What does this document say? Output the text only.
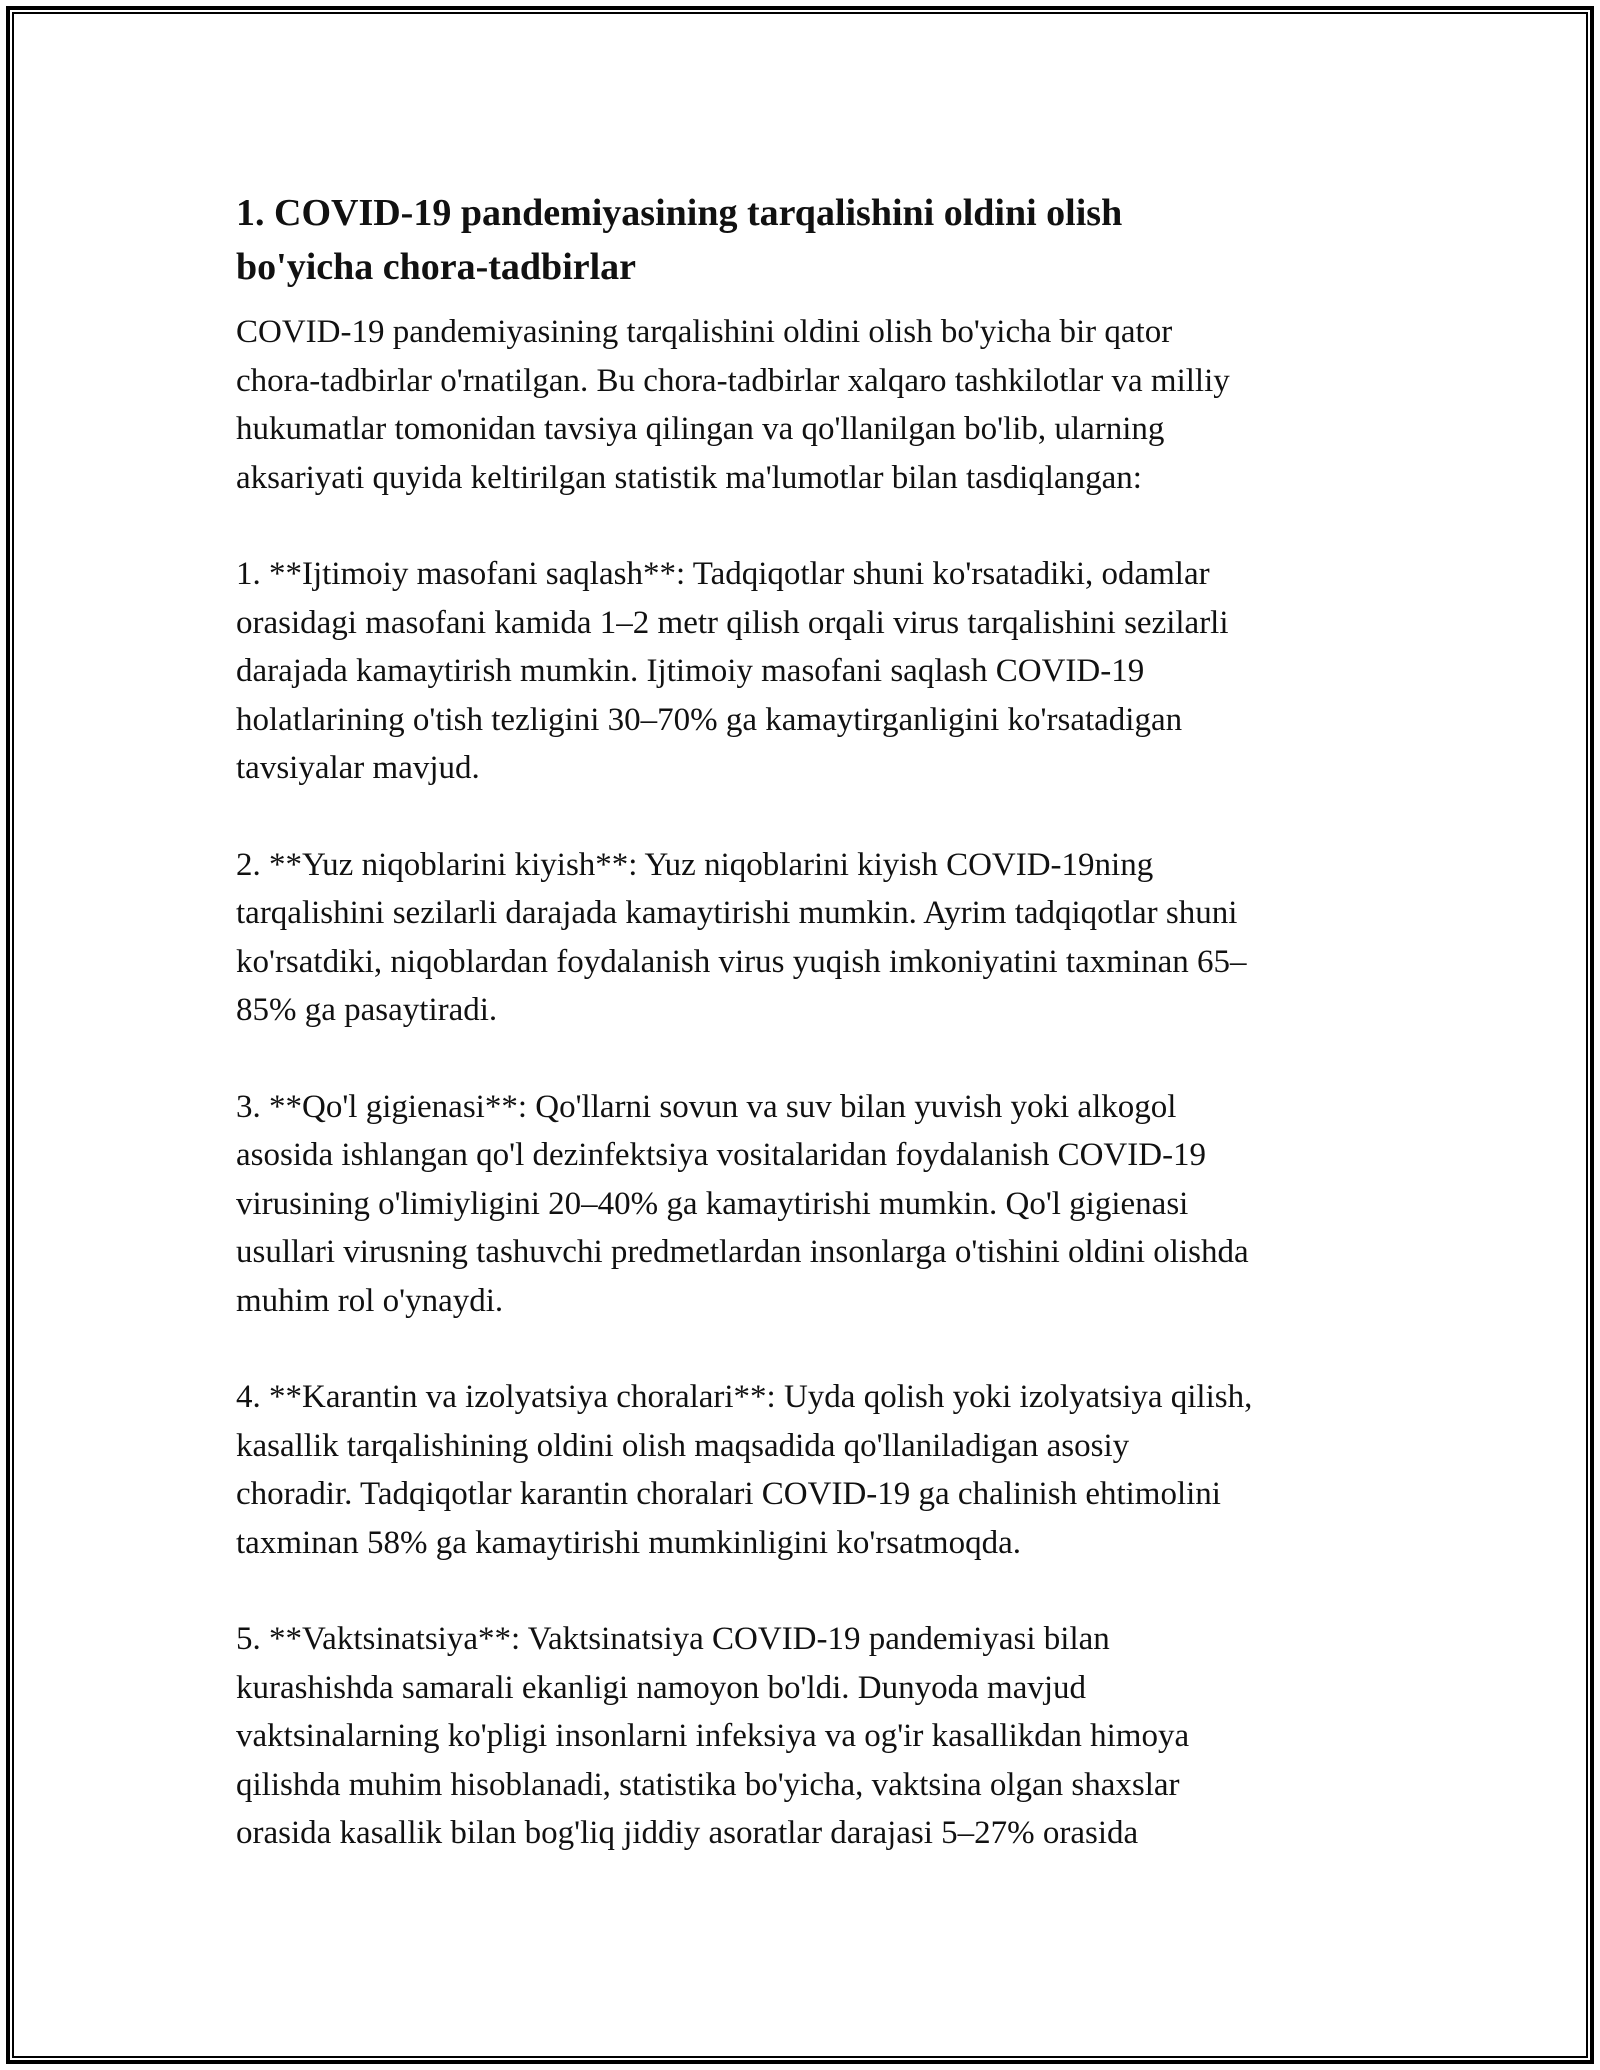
1. COVID-19 pandemiyasining tarqalishini oldini olish
bo'yicha chora-tadbirlar

COVID-19 pandemiyasining tarqalishini oldini olish bo'yicha bir qator
chora-tadbirlar o'rnatilgan. Bu chora-tadbirlar xalqaro tashkilotlar va milliy
hukumatlar tomonidan tavsiya qilingan va qo'llanilgan bo'lib, ularning
aksariyati quyida keltirilgan statistik ma'lumotlar bilan tasdiqlangan:

1. **Ijtimoiy masofani saqlash**: Tadqiqotlar shuni ko'rsatadiki, odamlar
orasidagi masofani kamida 1–2 metr qilish orqali virus tarqalishini sezilarli
darajada kamaytirish mumkin. Ijtimoiy masofani saqlash COVID-19
holatlarining o'tish tezligini 30–70% ga kamaytirganligini ko'rsatadigan
tavsiyalar mavjud.

2. **Yuz niqoblarini kiyish**: Yuz niqoblarini kiyish COVID-19ning
tarqalishini sezilarli darajada kamaytirishi mumkin. Ayrim tadqiqotlar shuni
ko'rsatdiki, niqoblardan foydalanish virus yuqish imkoniyatini taxminan 65–
85% ga pasaytiradi.

3. **Qo'l gigienasi**: Qo'llarni sovun va suv bilan yuvish yoki alkogol
asosida ishlangan qo'l dezinfektsiya vositalaridan foydalanish COVID-19
virusining o'limiyligini 20–40% ga kamaytirishi mumkin. Qo'l gigienasi
usullari virusning tashuvchi predmetlardan insonlarga o'tishini oldini olishda
muhim rol o'ynaydi.

4. **Karantin va izolyatsiya choralari**: Uyda qolish yoki izolyatsiya qilish,
kasallik tarqalishining oldini olish maqsadida qo'llaniladigan asosiy
choradir. Tadqiqotlar karantin choralari COVID-19 ga chalinish ehtimolini
taxminan 58% ga kamaytirishi mumkinligini ko'rsatmoqda.

5. **Vaktsinatsiya**: Vaktsinatsiya COVID-19 pandemiyasi bilan
kurashishda samarali ekanligi namoyon bo'ldi. Dunyoda mavjud
vaktsinalarning ko'pligi insonlarni infeksiya va og'ir kasallikdan himoya
qilishda muhim hisoblanadi, statistika bo'yicha, vaktsina olgan shaxslar
orasida kasallik bilan bog'liq jiddiy asoratlar darajasi 5–27% orasida
